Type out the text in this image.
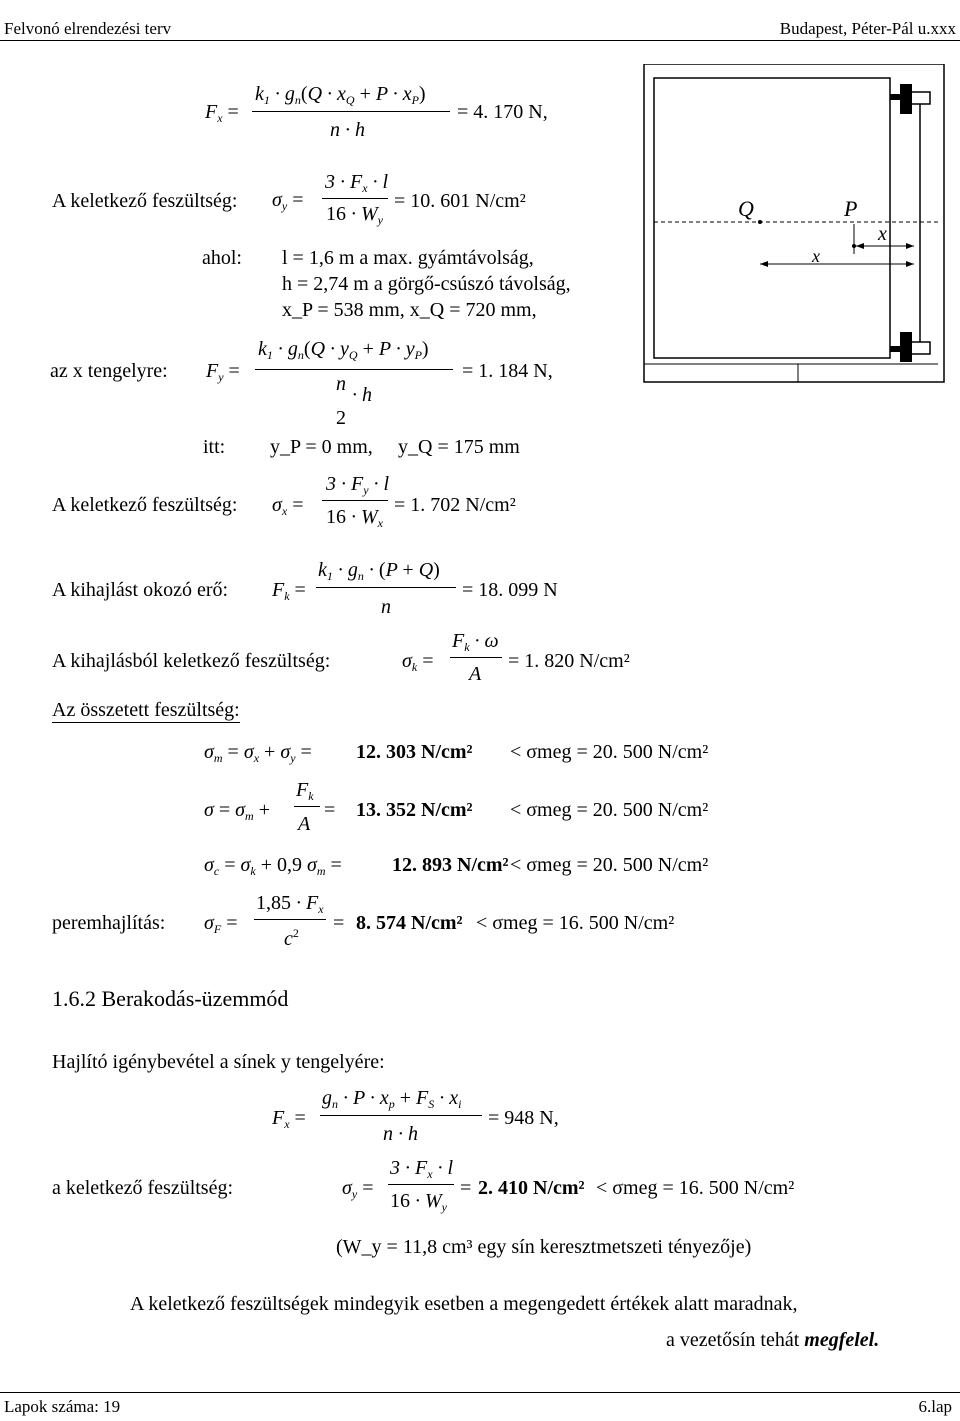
Felvonó elrendezési terv	Budapest, Péter-Pál u.xxx
$F_x$ =
$k_1 \cdot g_n(Q \cdot x_Q + P \cdot x_P)$
n · h
= 4. 170 N,
A keletkező feszültség: $\sigma_y$ =
$3 \cdot F_x \cdot l$
$16 \cdot W_y$
= 10. 601 N/cm²
ahol: l = 1,6 m a max. gyámtávolság,
h = 2,74 m a görgő-csúszó távolság,
x_P = 538 mm, x_Q = 720 mm,
az x tengelyre: $F_y$ =
$k_1 \cdot g_n(Q \cdot y_Q + P \cdot y_P)$
n · h
2
= 1. 184 N,
itt: y_P = 0 mm, y_Q = 175 mm
A keletkező feszültség: $\sigma_x$ =
$3 \cdot F_y \cdot l$
$16 \cdot W_x$
= 1. 702 N/cm²
A kihajlást okozó erő: $F_k$ =
$k_1 \cdot g_n \cdot (P + Q)$
n
= 18. 099 N
A kihajlásból keletkező feszültség:	$\sigma_k$ =
$F_k \cdot \omega$
A
= 1. 820 N/cm²
Az összetett feszültség:
$\sigma_m = \sigma_x + \sigma_y = 12$. 303 N/cm² < σmeg = 20. 500 N/cm²
$\sigma = \sigma_m$ +
$F_k$
A
= 13. 352 N/cm² < σmeg = 20. 500 N/cm²
$\sigma_c = \sigma_k + 0,9$ $\sigma_m$ =	12. 893 N/cm² < σmeg = 20. 500 N/cm²
peremhajlítás: $\sigma_F$ =
$1,85 \cdot F_x$
$c^2 = 8$. 574 N/cm² < σmeg = 16. 500 N/cm²
1.6.2 Berakodás-üzemmód
Hajlító igénybevétel a sínek y tengelyére:
$F_x$ =
$g_n \cdot P \cdot x_p + F_S \cdot x_i$
n · h
= 948 N,
a keletkező feszültség:	$\sigma_y$ =
$3 \cdot F_x \cdot l$
$16 \cdot W_y$
= 2. 410 N/cm² < σmeg = 16. 500 N/cm²
(W_y = 11,8 cm³ egy sín keresztmetszeti tényezője)
A keletkező feszültségek mindegyik esetben a megengedett értékek alatt maradnak,
a vezetősín tehát megfelel.
Lapok száma: 19	6.lap
Q	P
x
x
